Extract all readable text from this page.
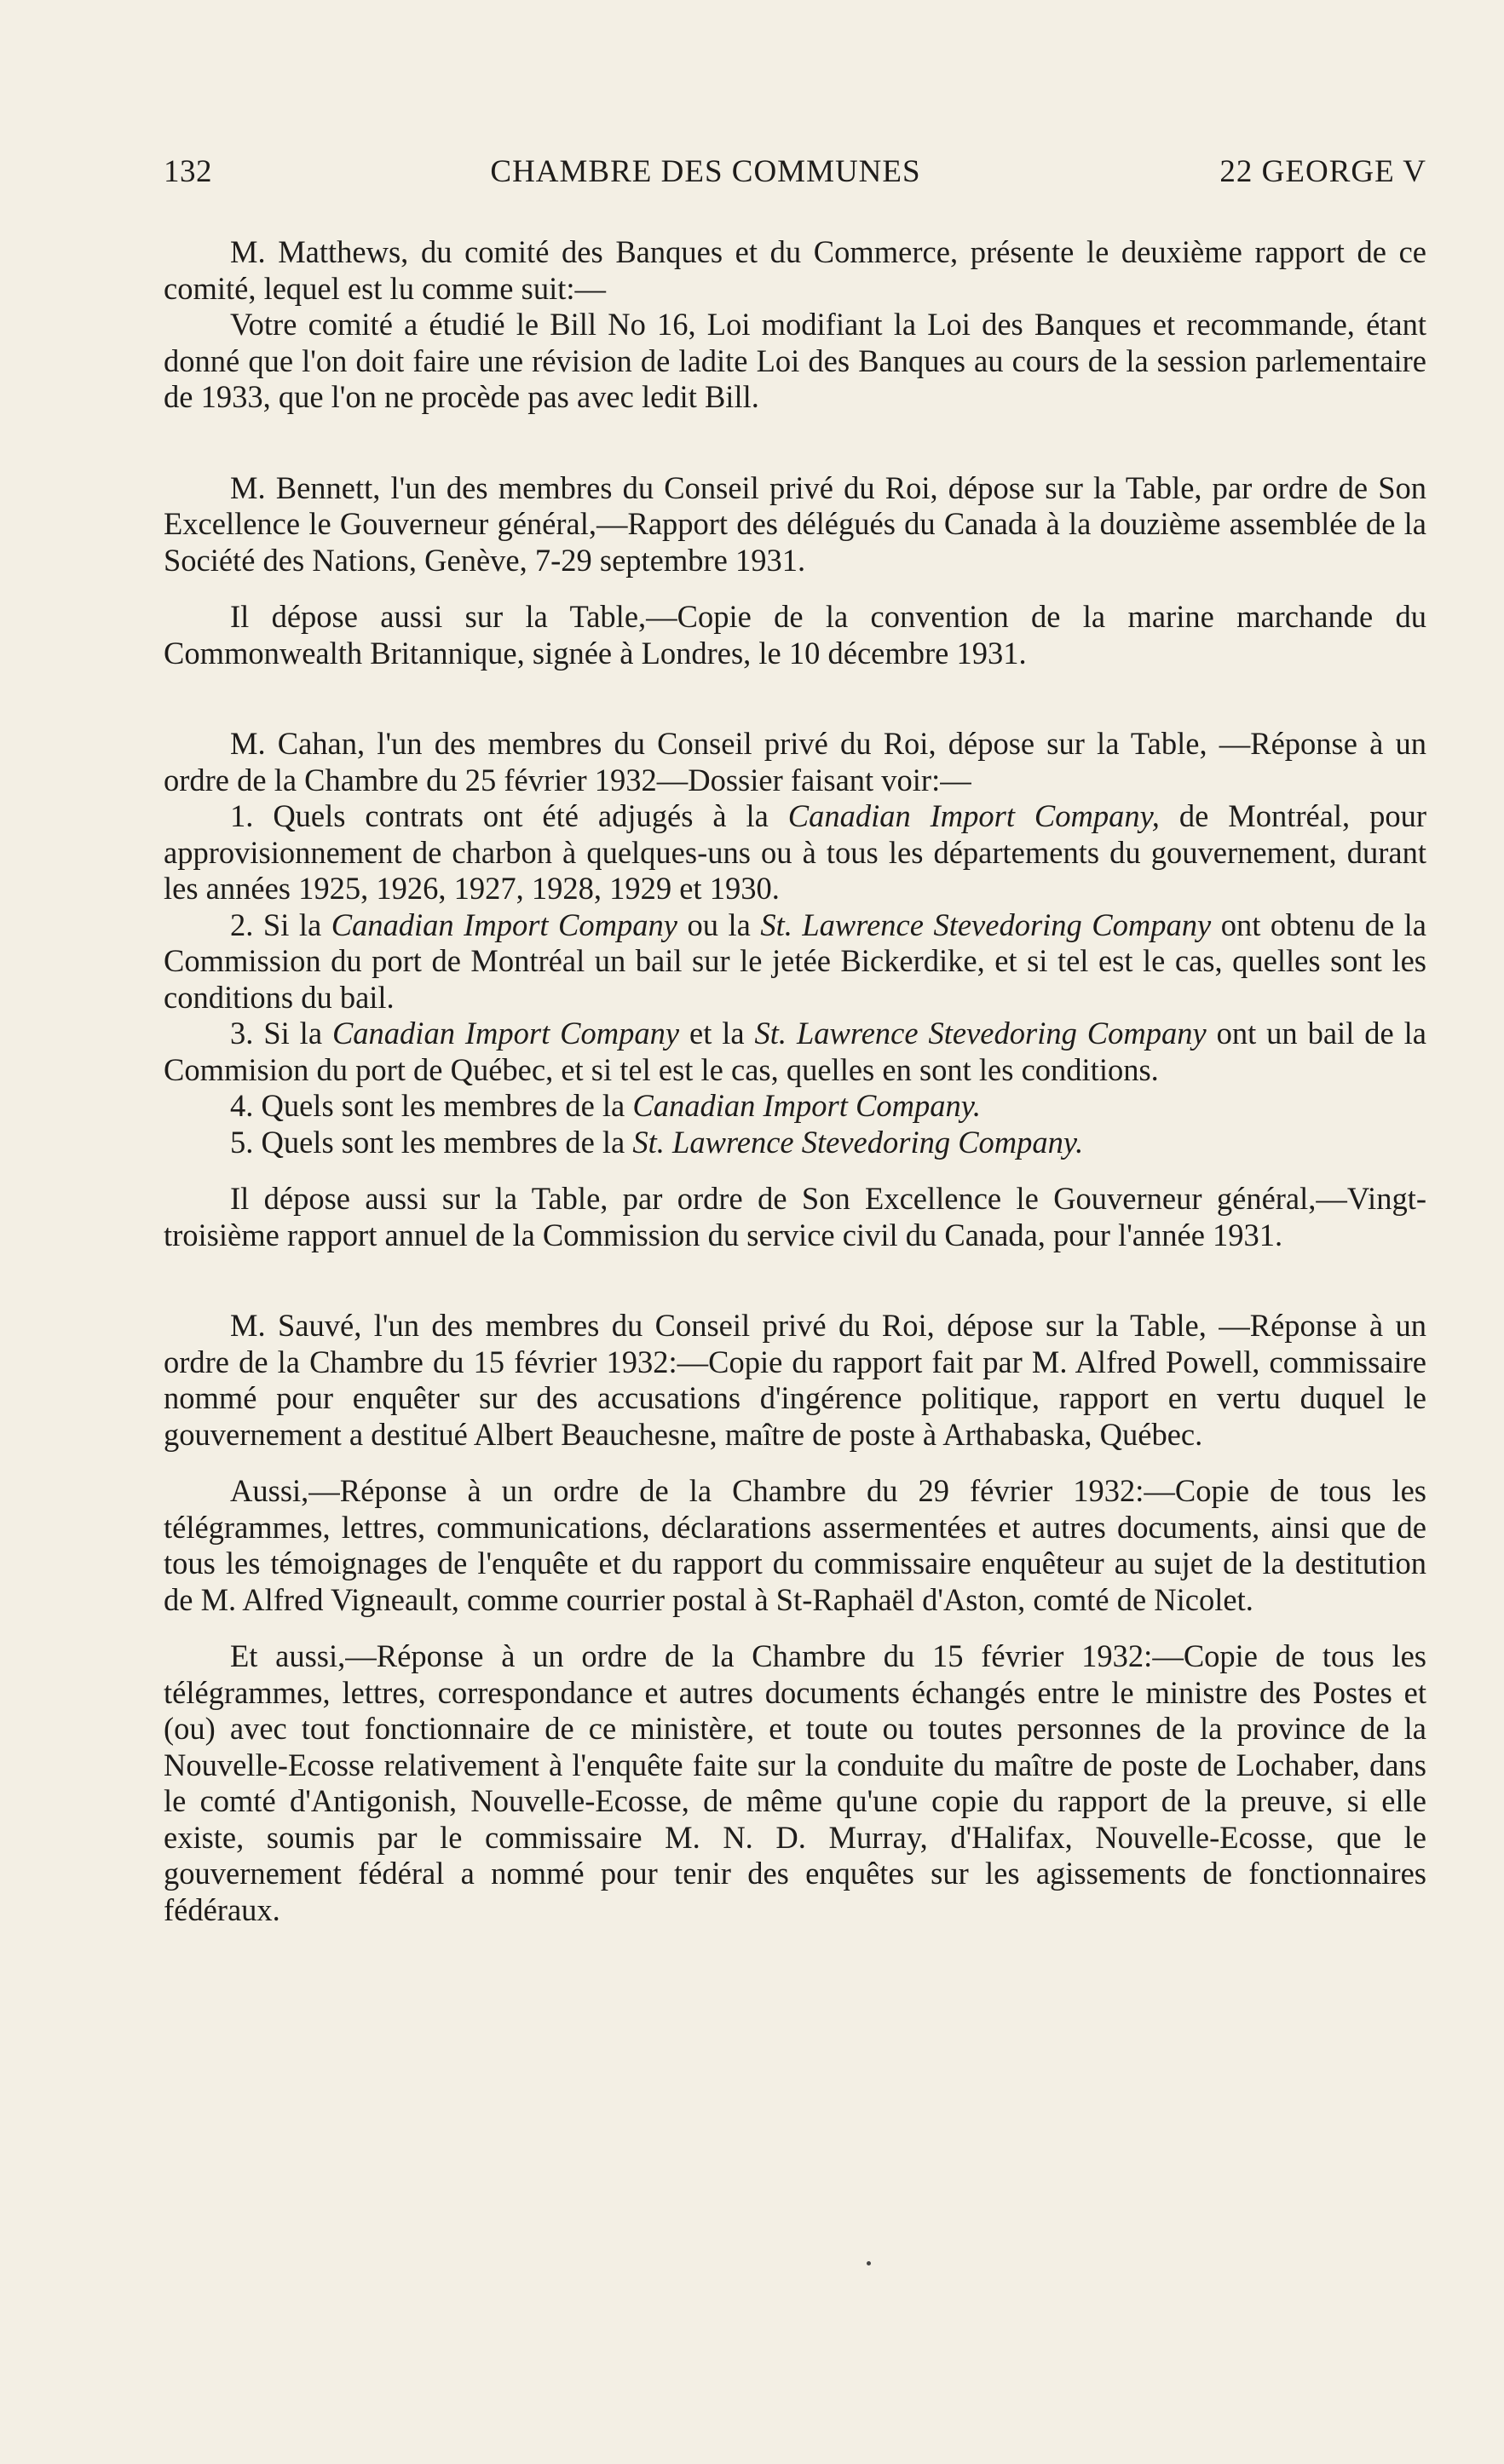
132	CHAMBRE DES COMMUNES	22 GEORGE V

M. Matthews, du comité des Banques et du Commerce, présente le deuxième rapport de ce comité, lequel est lu comme suit:—

Votre comité a étudié le Bill No 16, Loi modifiant la Loi des Banques et recommande, étant donné que l'on doit faire une révision de ladite Loi des Banques au cours de la session parlementaire de 1933, que l'on ne procède pas avec ledit Bill.

M. Bennett, l'un des membres du Conseil privé du Roi, dépose sur la Table, par ordre de Son Excellence le Gouverneur général,—Rapport des délégués du Canada à la douzième assemblée de la Société des Nations, Genève, 7-29 septembre 1931.

Il dépose aussi sur la Table,—Copie de la convention de la marine marchande du Commonwealth Britannique, signée à Londres, le 10 décembre 1931.

M. Cahan, l'un des membres du Conseil privé du Roi, dépose sur la Table, —Réponse à un ordre de la Chambre du 25 février 1932—Dossier faisant voir:—

1. Quels contrats ont été adjugés à la Canadian Import Company, de Montréal, pour approvisionnement de charbon à quelques-uns ou à tous les départements du gouvernement, durant les années 1925, 1926, 1927, 1928, 1929 et 1930.

2. Si la Canadian Import Company ou la St. Lawrence Stevedoring Company ont obtenu de la Commission du port de Montréal un bail sur le jetée Bickerdike, et si tel est le cas, quelles sont les conditions du bail.

3. Si la Canadian Import Company et la St. Lawrence Stevedoring Company ont un bail de la Commision du port de Québec, et si tel est le cas, quelles en sont les conditions.

4. Quels sont les membres de la Canadian Import Company.

5. Quels sont les membres de la St. Lawrence Stevedoring Company.

Il dépose aussi sur la Table, par ordre de Son Excellence le Gouverneur général,—Vingt-troisième rapport annuel de la Commission du service civil du Canada, pour l'année 1931.

M. Sauvé, l'un des membres du Conseil privé du Roi, dépose sur la Table, —Réponse à un ordre de la Chambre du 15 février 1932:—Copie du rapport fait par M. Alfred Powell, commissaire nommé pour enquêter sur des accusations d'ingérence politique, rapport en vertu duquel le gouvernement a destitué Albert Beauchesne, maître de poste à Arthabaska, Québec.

Aussi,—Réponse à un ordre de la Chambre du 29 février 1932:—Copie de tous les télégrammes, lettres, communications, déclarations assermentées et autres documents, ainsi que de tous les témoignages de l'enquête et du rapport du commissaire enquêteur au sujet de la destitution de M. Alfred Vigneault, comme courrier postal à St-Raphaël d'Aston, comté de Nicolet.

Et aussi,—Réponse à un ordre de la Chambre du 15 février 1932:—Copie de tous les télégrammes, lettres, correspondance et autres documents échangés entre le ministre des Postes et (ou) avec tout fonctionnaire de ce ministère, et toute ou toutes personnes de la province de la Nouvelle-Ecosse relativement à l'enquête faite sur la conduite du maître de poste de Lochaber, dans le comté d'Antigonish, Nouvelle-Ecosse, de même qu'une copie du rapport de la preuve, si elle existe, soumis par le commissaire M. N. D. Murray, d'Halifax, Nouvelle-Ecosse, que le gouvernement fédéral a nommé pour tenir des enquêtes sur les agissements de fonctionnaires fédéraux.
